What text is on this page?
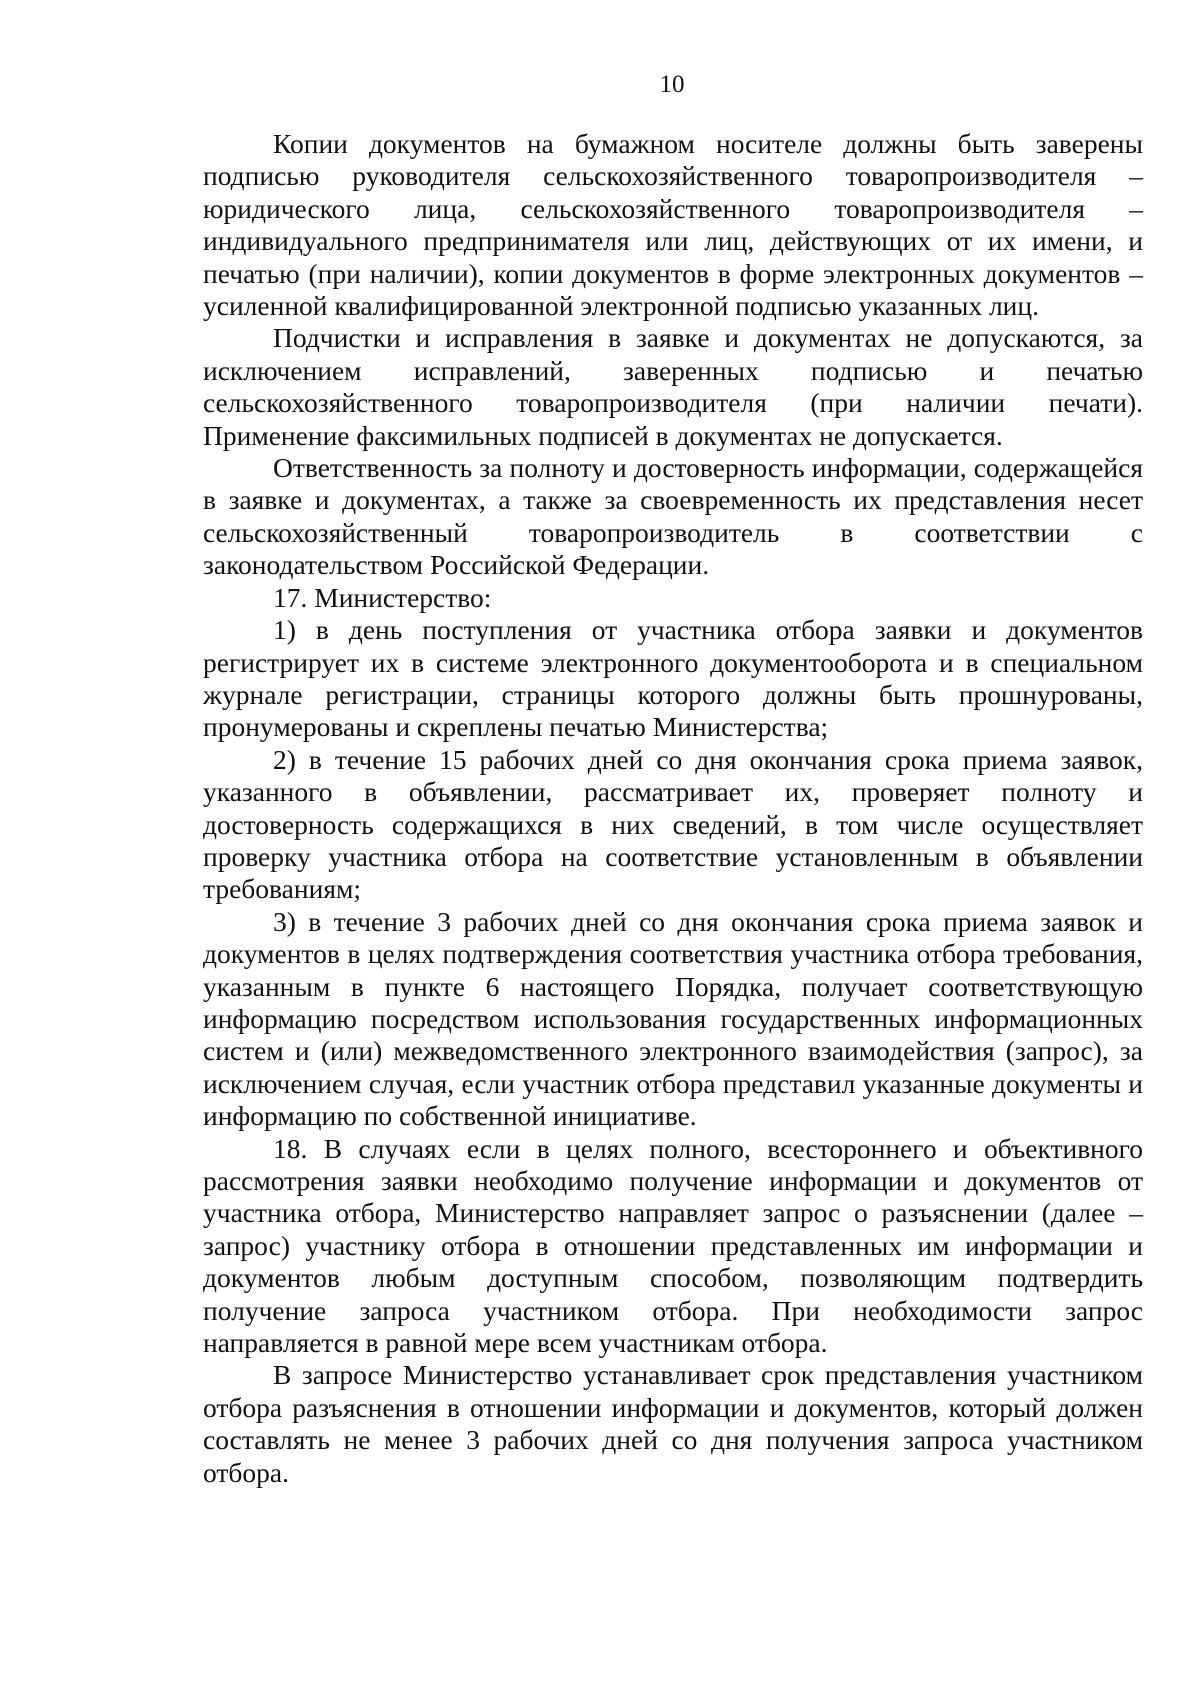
10

Копии документов на бумажном носителе должны быть заверены подписью руководителя сельскохозяйственного товаропроизводителя – юридического лица, сельскохозяйственного товаропроизводителя – индивидуального предпринимателя или лиц, действующих от их имени, и печатью (при наличии), копии документов в форме электронных документов – усиленной квалифицированной электронной подписью указанных лиц.

Подчистки и исправления в заявке и документах не допускаются, за исключением исправлений, заверенных подписью и печатью сельскохозяйственного товаропроизводителя (при наличии печати). Применение факсимильных подписей в документах не допускается.

Ответственность за полноту и достоверность информации, содержащейся в заявке и документах, а также за своевременность их представления несет сельскохозяйственный товаропроизводитель в соответствии с законодательством Российской Федерации.

17. Министерство:

1) в день поступления от участника отбора заявки и документов регистрирует их в системе электронного документооборота и в специальном журнале регистрации, страницы которого должны быть прошнурованы, пронумерованы и скреплены печатью Министерства;

2) в течение 15 рабочих дней со дня окончания срока приема заявок, указанного в объявлении, рассматривает их, проверяет полноту и достоверность содержащихся в них сведений, в том числе осуществляет проверку участника отбора на соответствие установленным в объявлении требованиям;

3) в течение 3 рабочих дней со дня окончания срока приема заявок и документов в целях подтверждения соответствия участника отбора требования, указанным в пункте 6 настоящего Порядка, получает соответствующую информацию посредством использования государственных информационных систем и (или) межведомственного электронного взаимодействия (запрос), за исключением случая, если участник отбора представил указанные документы и информацию по собственной инициативе.

18. В случаях если в целях полного, всестороннего и объективного рассмотрения заявки необходимо получение информации и документов от участника отбора, Министерство направляет запрос о разъяснении (далее – запрос) участнику отбора в отношении представленных им информации и документов любым доступным способом, позволяющим подтвердить получение запроса участником отбора. При необходимости запрос направляется в равной мере всем участникам отбора.

В запросе Министерство устанавливает срок представления участником отбора разъяснения в отношении информации и документов, который должен составлять не менее 3 рабочих дней со дня получения запроса участником отбора.
